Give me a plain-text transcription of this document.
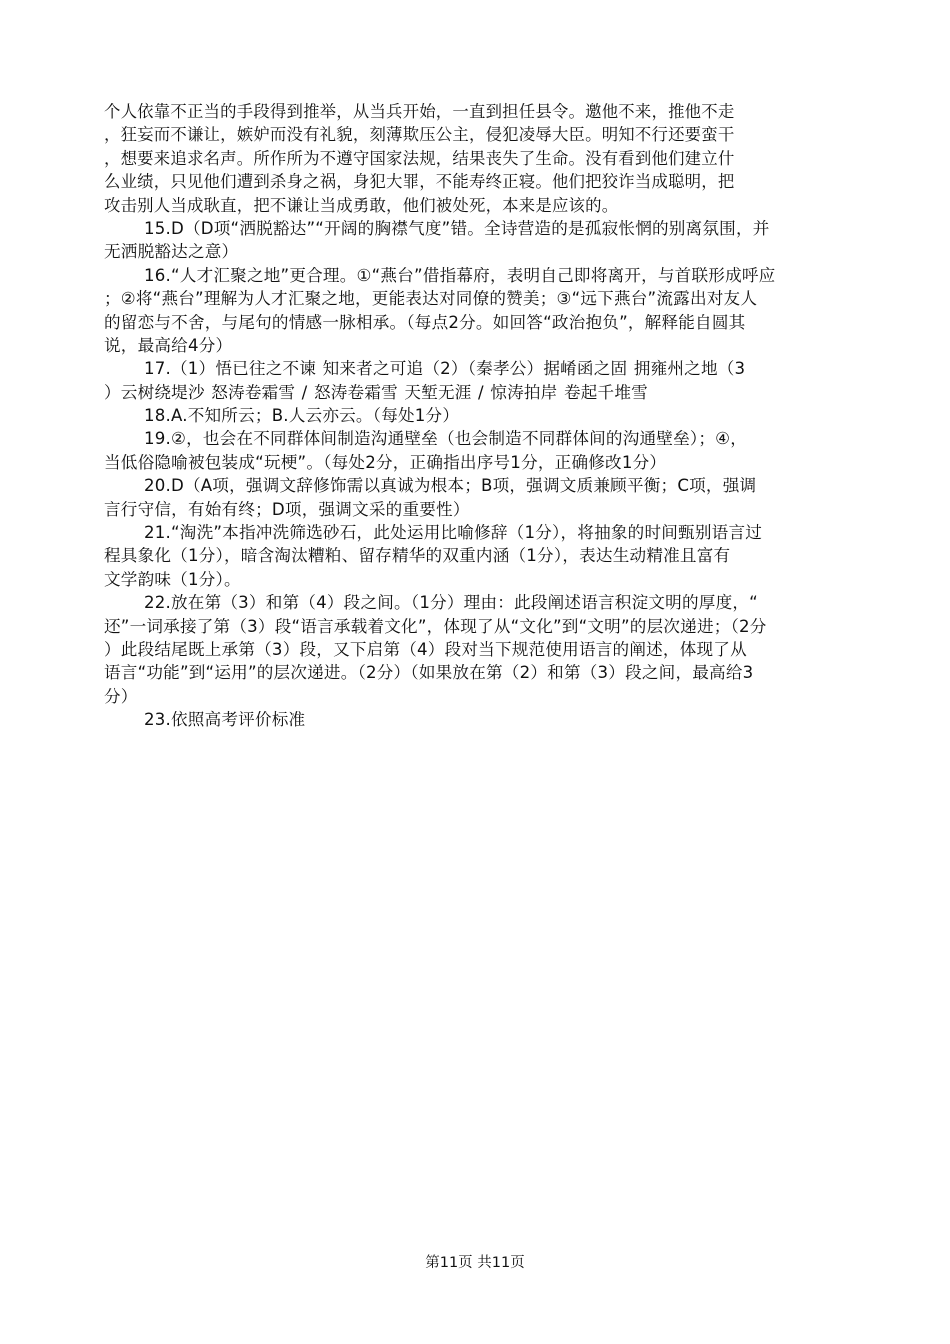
个人依靠不正当的手段得到推举，从当兵开始，一直到担任县令。邀他不来，推他不走
，狂妄而不谦让，嫉妒而没有礼貌，刻薄欺压公主，侵犯凌辱大臣。明知不行还要蛮干
，想要来追求名声。所作所为不遵守国家法规，结果丧失了生命。没有看到他们建立什
么业绩，只见他们遭到杀身之祸，身犯大罪，不能寿终正寝。他们把狡诈当成聪明，把
攻击别人当成耿直，把不谦让当成勇敢，他们被处死，本来是应该的。
15.D（D项“洒脱豁达”“开阔的胸襟气度”错。全诗营造的是孤寂怅惘的别离氛围，并
无洒脱豁达之意）
16.“人才汇聚之地”更合理。①“燕台”借指幕府，表明自己即将离开，与首联形成呼应
；②将“燕台”理解为人才汇聚之地，更能表达对同僚的赞美；③“远下燕台”流露出对友人
的留恋与不舍，与尾句的情感一脉相承。（每点2分。如回答“政治抱负”，解释能自圆其
说，最高给4分）
17.（1）悟已往之不谏 知来者之可追（2）（秦孝公）据崤函之固 拥雍州之地（3
）云树绕堤沙 怒涛卷霜雪 / 怒涛卷霜雪 天堑无涯 / 惊涛拍岸 卷起千堆雪
18.A.不知所云；B.人云亦云。（每处1分）
19.②，也会在不同群体间制造沟通壁垒（也会制造不同群体间的沟通壁垒）；④，
当低俗隐喻被包装成“玩梗”。（每处2分，正确指出序号1分，正确修改1分）
20.D（A项，强调文辞修饰需以真诚为根本；B项，强调文质兼顾平衡；C项，强调
言行守信，有始有终；D项，强调文采的重要性）
21.“淘洗”本指冲洗筛选砂石，此处运用比喻修辞（1分），将抽象的时间甄别语言过
程具象化（1分），暗含淘汰糟粕、留存精华的双重内涵（1分），表达生动精准且富有
文学韵味（1分）。
22.放在第（3）和第（4）段之间。（1分）理由：此段阐述语言积淀文明的厚度，“
还”一词承接了第（3）段“语言承载着文化”，体现了从“文化”到“文明”的层次递进；（2分
）此段结尾既上承第（3）段，又下启第（4）段对当下规范使用语言的阐述，体现了从
语言“功能”到“运用”的层次递进。（2分）（如果放在第（2）和第（3）段之间，最高给3
分）
23.依照高考评价标准
第11页 共11页
